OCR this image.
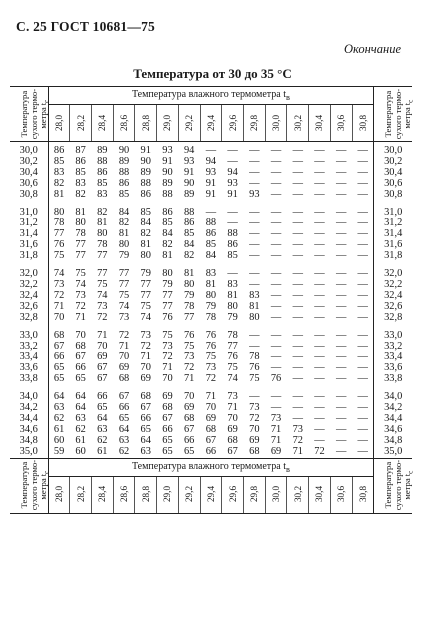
С. 25 ГОСТ 10681—75
Окончание
Температура от 30 до 35 °С
Температура сухого термо-метра $t_с$	Температура влажного термометра $t_в$															Температура сухого термо-метра $t_с$
	28,0	28,2	28,4	28,6	28,8	29,0	29,2	29,4	29,6	29,8	30,0	30,2	30,4	30,6	30,8	
30,0	86	87	89	90	91	93	94	—	—	—	—	—	—	—	—	30,0
30,2	85	86	88	89	90	91	93	94	—	—	—	—	—	—	—	30,2
30,4	83	85	86	88	89	90	91	93	94	—	—	—	—	—	—	30,4
30,6	82	83	85	86	88	89	90	91	93	—	—	—	—	—	—	30,6
30,8	81	82	83	85	86	88	89	91	91	93	—	—	—	—	—	30,8

31,0	80	81	82	84	85	86	88	—	—	—	—	—	—	—	—	31,0
31,2	78	80	81	82	84	85	86	88	—	—	—	—	—	—	—	31,2
31,4	77	78	80	81	82	84	85	86	88	—	—	—	—	—	—	31,4
31,6	76	77	78	80	81	82	84	85	86	—	—	—	—	—	—	31,6
31,8	75	77	77	79	80	81	82	84	85	—	—	—	—	—	—	31,8

32,0	74	75	77	77	79	80	81	83	—	—	—	—	—	—	—	32,0
32,2	73	74	75	77	77	79	80	81	83	—	—	—	—	—	—	32,2
32,4	72	73	74	75	77	77	79	80	81	83	—	—	—	—	—	32,4
32,6	71	72	73	74	75	77	78	79	80	81	—	—	—	—	—	32,6
32,8	70	71	72	73	74	76	77	78	79	80	—	—	—	—	—	32,8

33,0	68	70	71	72	73	75	76	76	78	—	—	—	—	—	—	33,0
33,2	67	68	70	71	72	73	75	76	77	—	—	—	—	—	—	33,2
33,4	66	67	69	70	71	72	73	75	76	78	—	—	—	—	—	33,4
33,6	65	66	67	69	70	71	72	73	75	76	—	—	—	—	—	33,6
33,8	65	65	67	68	69	70	71	72	74	75	76	—	—	—	—	33,8

34,0	64	64	66	67	68	69	70	71	73	—	—	—	—	—	—	34,0
34,2	63	64	65	66	67	68	69	70	71	73	—	—	—	—	—	34,2
34,4	62	63	64	65	66	67	68	69	70	72	73	—	—	—	—	34,4
34,6	61	62	63	64	65	66	67	68	69	70	71	73	—	—	—	34,6
34,8	60	61	62	63	64	65	66	67	68	69	71	72	—	—	—	34,8
35,0	59	60	61	62	63	65	65	66	67	68	69	71	72	—	—	35,0
Температура сухого термо-метра $t_с$	Температура влажного термометра $t_в$															Температура сухого термо-метра $t_с$
	28,0	28,2	28,4	28,6	28,8	29,0	29,2	29,4	29,6	29,8	30,0	30,2	30,4	30,6	30,8	
